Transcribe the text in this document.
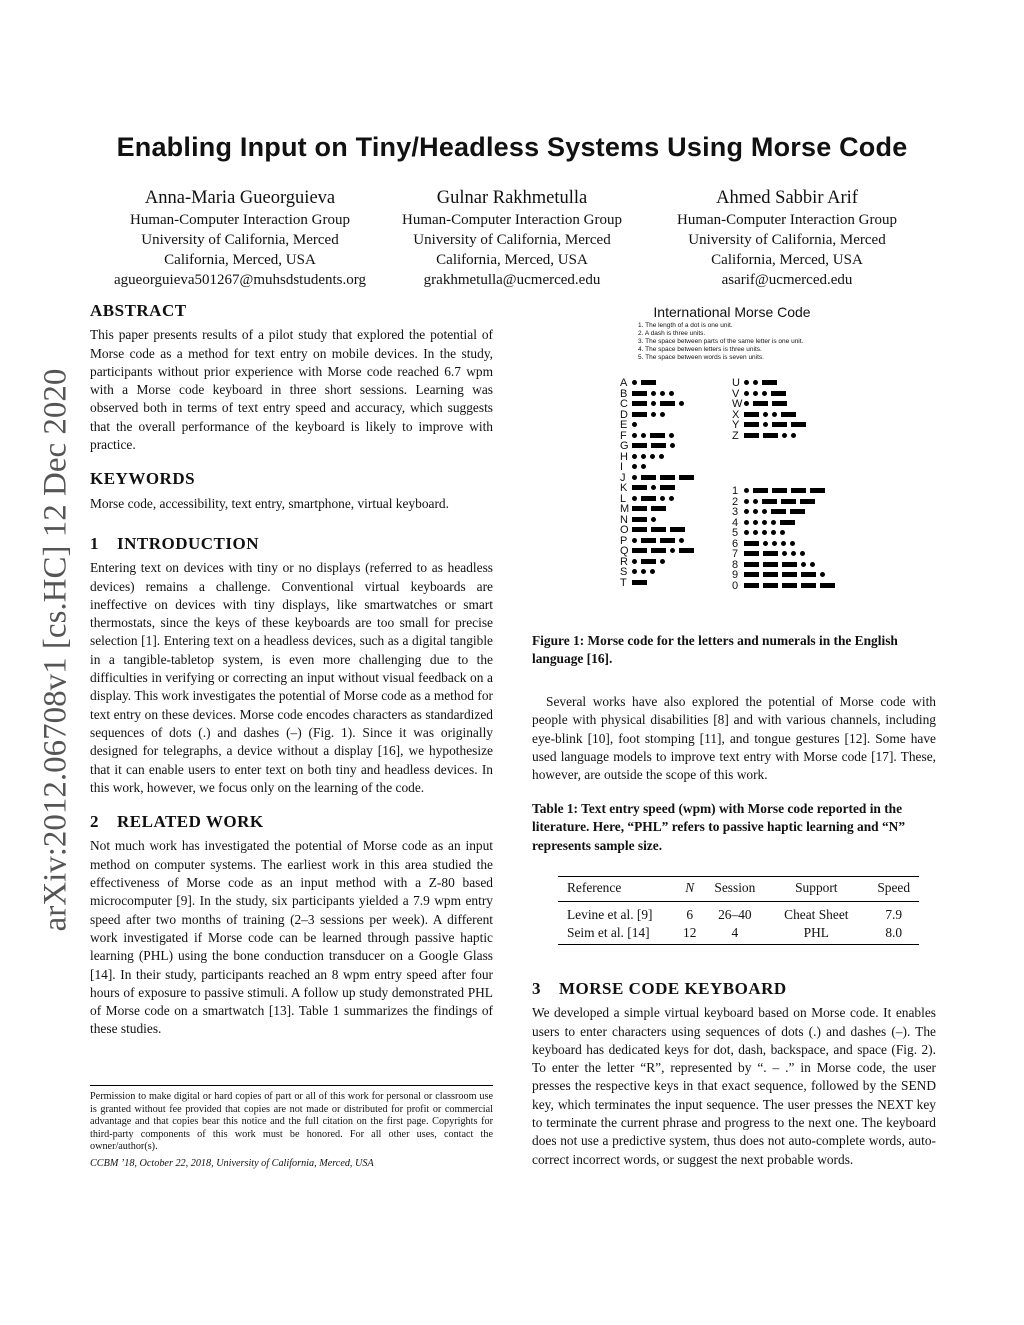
Enabling Input on Tiny/Headless Systems Using Morse Code
Anna-Maria Gueorguieva
Human-Computer Interaction Group
University of California, Merced
California, Merced, USA
agueorguieva501267@muhsdstudents.org
Gulnar Rakhmetulla
Human-Computer Interaction Group
University of California, Merced
California, Merced, USA
grakhmetulla@ucmerced.edu
Ahmed Sabbir Arif
Human-Computer Interaction Group
University of California, Merced
California, Merced, USA
asarif@ucmerced.edu
arXiv:2012.06708v1 [cs.HC] 12 Dec 2020
ABSTRACT
This paper presents results of a pilot study that explored the potential of Morse code as a method for text entry on mobile devices. In the study, participants without prior experience with Morse code reached 6.7 wpm with a Morse code keyboard in three short sessions. Learning was observed both in terms of text entry speed and accuracy, which suggests that the overall performance of the keyboard is likely to improve with practice.
KEYWORDS
Morse code, accessibility, text entry, smartphone, virtual keyboard.
1 INTRODUCTION
Entering text on devices with tiny or no displays (referred to as headless devices) remains a challenge. Conventional virtual keyboards are ineffective on devices with tiny displays, like smartwatches or smart thermostats, since the keys of these keyboards are too small for precise selection [1]. Entering text on a headless devices, such as a digital tangible in a tangible-tabletop system, is even more challenging due to the difficulties in verifying or correcting an input without visual feedback on a display. This work investigates the potential of Morse code as a method for text entry on these devices. Morse code encodes characters as standardized sequences of dots (.) and dashes (–) (Fig. 1). Since it was originally designed for telegraphs, a device without a display [16], we hypothesize that it can enable users to enter text on both tiny and headless devices. In this work, however, we focus only on the learning of the code.
2 RELATED WORK
Not much work has investigated the potential of Morse code as an input method on computer systems. The earliest work in this area studied the effectiveness of Morse code as an input method with a Z-80 based microcomputer [9]. In the study, six participants yielded a 7.9 wpm entry speed after two months of training (2–3 sessions per week). A different work investigated if Morse code can be learned through passive haptic learning (PHL) using the bone conduction transducer on a Google Glass [14]. In their study, participants reached an 8 wpm entry speed after four hours of exposure to passive stimuli. A follow up study demonstrated PHL of Morse code on a smartwatch [13]. Table 1 summarizes the findings of these studies.
Permission to make digital or hard copies of part or all of this work for personal or classroom use is granted without fee provided that copies are not made or distributed for profit or commercial advantage and that copies bear this notice and the full citation on the first page. Copyrights for third-party components of this work must be honored. For all other uses, contact the owner/author(s).
CCBM ’18, October 22, 2018, University of California, Merced, USA
International Morse Code
1. The length of a dot is one unit.
2. A dash is three units.
3. The space between parts of the same letter is one unit.
4. The space between letters is three units.
5. The space between words is seven units.
A
B
C
D
E
F
G
H
I
J
K
L
M
N
O
P
Q
R
S
T
U
V
W
X
Y
Z
1
2
3
4
5
6
7
8
9
0
Figure 1: Morse code for the letters and numerals in the English language [16].
Several works have also explored the potential of Morse code with people with physical disabilities [8] and with various channels, including eye-blink [10], foot stomping [11], and tongue gestures [12]. Some have used language models to improve text entry with Morse code [17]. These, however, are outside the scope of this work.
Table 1: Text entry speed (wpm) with Morse code reported in the literature. Here, “PHL” refers to passive haptic learning and “N” represents sample size.
Reference	N	Session	Support	Speed
Levine et al. [9]	6	26–40	Cheat Sheet	7.9
Seim et al. [14]	12	4	PHL	8.0
3 MORSE CODE KEYBOARD
We developed a simple virtual keyboard based on Morse code. It enables users to enter characters using sequences of dots (.) and dashes (–). The keyboard has dedicated keys for dot, dash, backspace, and space (Fig. 2). To enter the letter “R”, represented by “. – .” in Morse code, the user presses the respective keys in that exact sequence, followed by the SEND key, which terminates the input sequence. The user presses the NEXT key to terminate the current phrase and progress to the next one. The keyboard does not use a predictive system, thus does not auto-complete words, auto-correct incorrect words, or suggest the next probable words.
